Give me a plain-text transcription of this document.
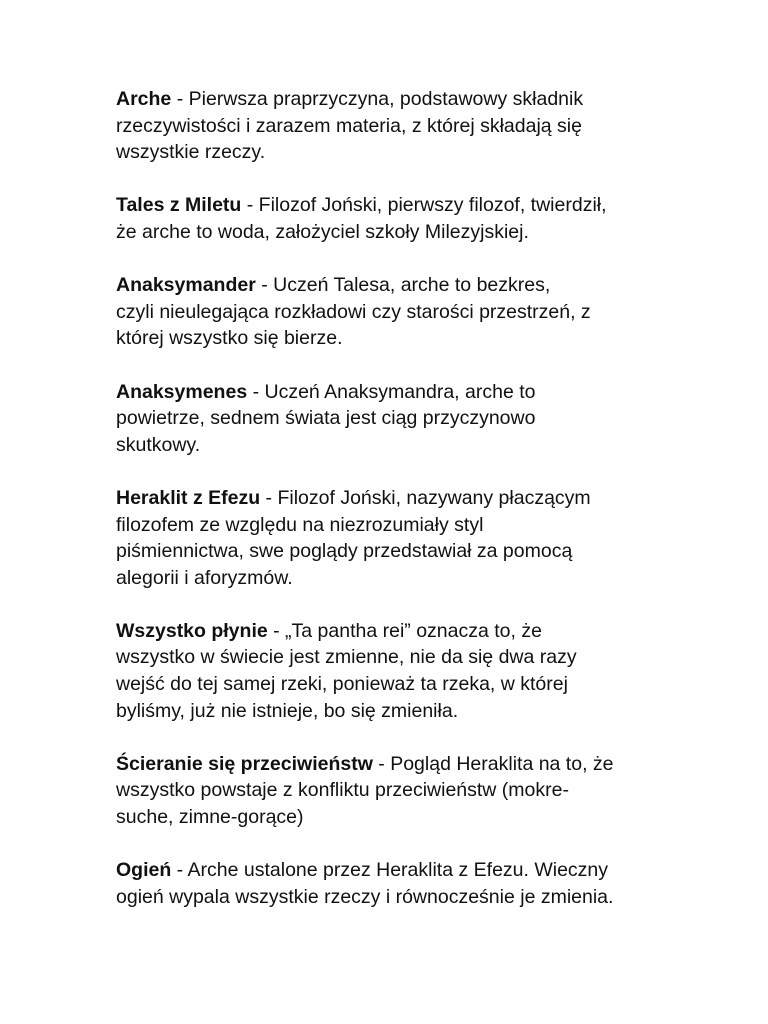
Arche - Pierwsza praprzyczyna, podstawowy składnik
rzeczywistości i zarazem materia, z której składają się
wszystkie rzeczy.
Tales z Miletu - Filozof Joński, pierwszy filozof, twierdził,
że arche to woda, założyciel szkoły Milezyjskiej.
Anaksymander - Uczeń Talesa, arche to bezkres,
czyli nieulegająca rozkładowi czy starości przestrzeń, z
której wszystko się bierze.
Anaksymenes - Uczeń Anaksymandra, arche to
powietrze, sednem świata jest ciąg przyczynowo
skutkowy.
Heraklit z Efezu - Filozof Joński, nazywany płaczącym
filozofem ze względu na niezrozumiały styl
piśmiennictwa, swe poglądy przedstawiał za pomocą
alegorii i aforyzmów.
Wszystko płynie - „Ta pantha rei” oznacza to, że
wszystko w świecie jest zmienne, nie da się dwa razy
wejść do tej samej rzeki, ponieważ ta rzeka, w której
byliśmy, już nie istnieje, bo się zmieniła.
Ścieranie się przeciwieństw - Pogląd Heraklita na to, że
wszystko powstaje z konfliktu przeciwieństw (mokre-
suche, zimne-gorące)
Ogień - Arche ustalone przez Heraklita z Efezu. Wieczny
ogień wypala wszystkie rzeczy i równocześnie je zmienia.
